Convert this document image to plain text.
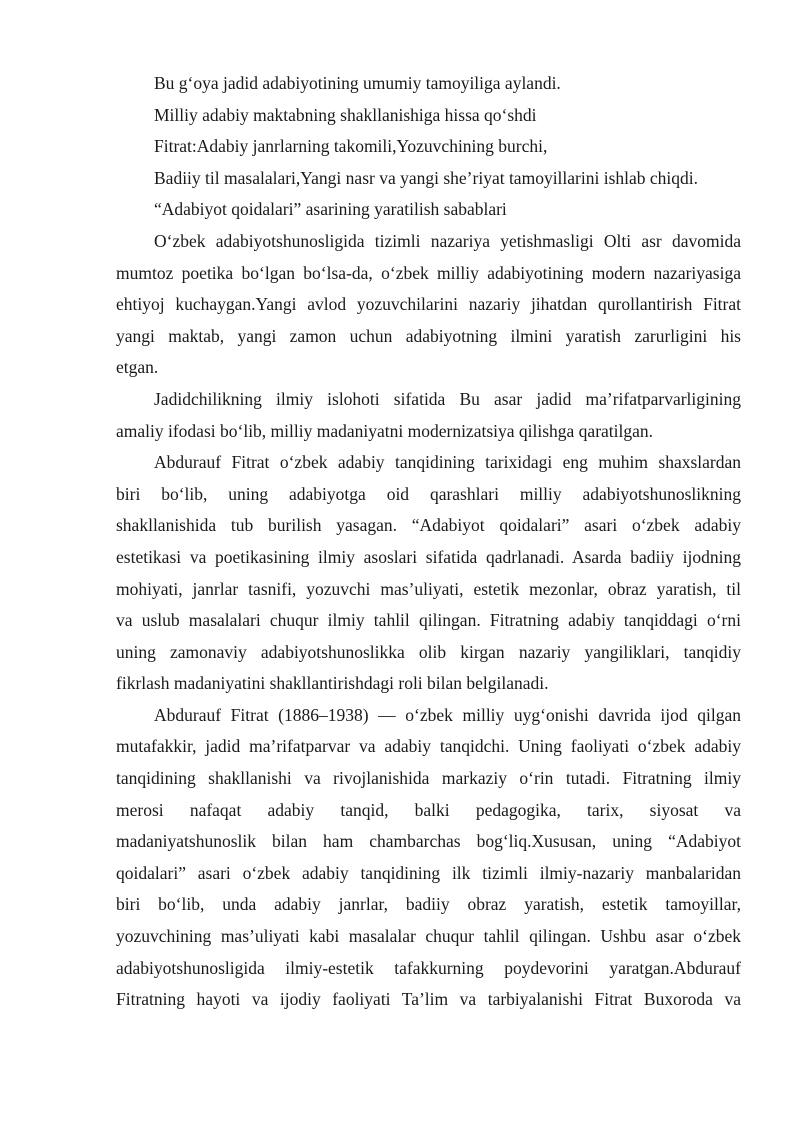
Bu g‘oya jadid adabiyotining umumiy tamoyiliga aylandi.
Milliy adabiy maktabning shakllanishiga hissa qo‘shdi
Fitrat:Adabiy janrlarning takomili,Yozuvchining burchi,
Badiiy til masalalari,Yangi nasr va yangi she’riyat tamoyillarini ishlab chiqdi.
“Adabiyot qoidalari” asarining yaratilish sabablari
O‘zbek adabiyotshunosligida tizimli nazariya yetishmasligi Olti asr davomida
mumtoz poetika bo‘lgan bo‘lsa-da, o‘zbek milliy adabiyotining modern nazariyasiga
ehtiyoj kuchaygan.Yangi avlod yozuvchilarini nazariy jihatdan qurollantirish Fitrat
yangi maktab, yangi zamon uchun adabiyotning ilmini yaratish zarurligini his
etgan.
Jadidchilikning ilmiy islohoti sifatida Bu asar jadid ma’rifatparvarligining
amaliy ifodasi bo‘lib, milliy madaniyatni modernizatsiya qilishga qaratilgan.
Abdurauf Fitrat o‘zbek adabiy tanqidining tarixidagi eng muhim shaxslardan
biri bo‘lib, uning adabiyotga oid qarashlari milliy adabiyotshunoslikning
shakllanishida tub burilish yasagan. “Adabiyot qoidalari” asari o‘zbek adabiy
estetikasi va poetikasining ilmiy asoslari sifatida qadrlanadi. Asarda badiiy ijodning
mohiyati, janrlar tasnifi, yozuvchi mas’uliyati, estetik mezonlar, obraz yaratish, til
va uslub masalalari chuqur ilmiy tahlil qilingan. Fitratning adabiy tanqiddagi o‘rni
uning zamonaviy adabiyotshunoslikka olib kirgan nazariy yangiliklari, tanqidiy
fikrlash madaniyatini shakllantirishdagi roli bilan belgilanadi.
Abdurauf Fitrat (1886–1938) — o‘zbek milliy uyg‘onishi davrida ijod qilgan
mutafakkir, jadid ma’rifatparvar va adabiy tanqidchi. Uning faoliyati o‘zbek adabiy
tanqidining shakllanishi va rivojlanishida markaziy o‘rin tutadi. Fitratning ilmiy
merosi nafaqat adabiy tanqid, balki pedagogika, tarix, siyosat va
madaniyatshunoslik bilan ham chambarchas bog‘liq.Xususan, uning “Adabiyot
qoidalari” asari o‘zbek adabiy tanqidining ilk tizimli ilmiy-nazariy manbalaridan
biri bo‘lib, unda adabiy janrlar, badiiy obraz yaratish, estetik tamoyillar,
yozuvchining mas’uliyati kabi masalalar chuqur tahlil qilingan. Ushbu asar o‘zbek
adabiyotshunosligida ilmiy-estetik tafakkurning poydevorini yaratgan.Abdurauf
Fitratning hayoti va ijodiy faoliyati Ta’lim va tarbiyalanishi Fitrat Buxoroda va
